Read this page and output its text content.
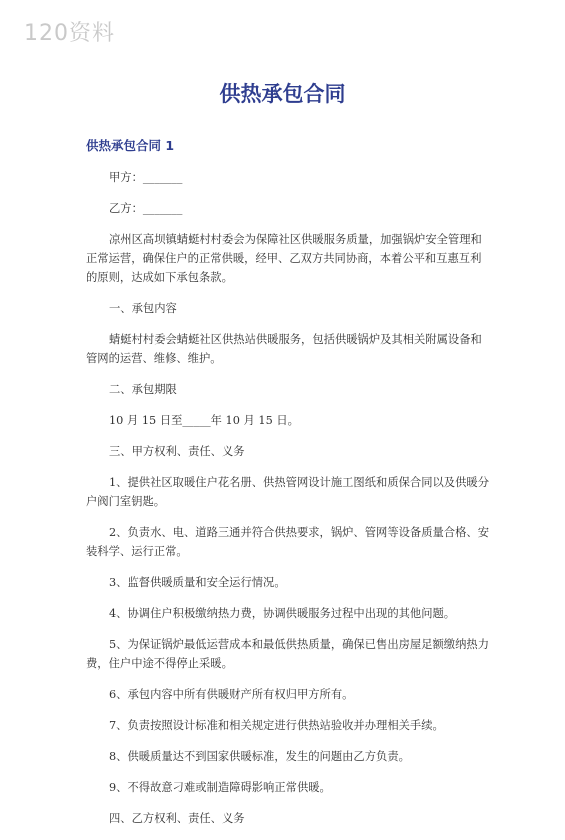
120资料
供热承包合同
供热承包合同 1

甲方：_______

乙方：_______

凉州区高坝镇蜻蜓村村委会为保障社区供暖服务质量，加强锅炉安全管理和正常运营，确保住户的正常供暖，经甲、乙双方共同协商，本着公平和互惠互利的原则，达成如下承包条款。

一、承包内容

蜻蜓村村委会蜻蜓社区供热站供暖服务，包括供暖锅炉及其相关附属设备和管网的运营、维修、维护。

二、承包期限

10 月 15 日至_____年 10 月 15 日。

三、甲方权利、责任、义务

1、提供社区取暖住户花名册、供热管网设计施工图纸和质保合同以及供暖分户阀门室钥匙。

2、负责水、电、道路三通并符合供热要求，锅炉、管网等设备质量合格、安装科学、运行正常。

3、监督供暖质量和安全运行情况。

4、协调住户积极缴纳热力费，协调供暖服务过程中出现的其他问题。

5、为保证锅炉最低运营成本和最低供热质量，确保已售出房屋足额缴纳热力费，住户中途不得停止采暖。

6、承包内容中所有供暖财产所有权归甲方所有。

7、负责按照设计标准和相关规定进行供热站验收并办理相关手续。

8、供暖质量达不到国家供暖标准，发生的问题由乙方负责。

9、不得故意刁难或制造障碍影响正常供暖。

四、乙方权利、责任、义务
